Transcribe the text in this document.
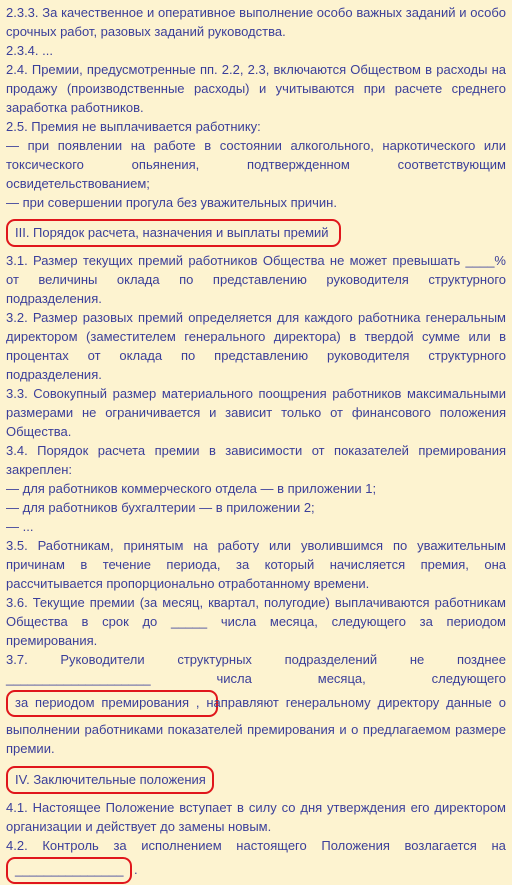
2.3.3. За качественное и оперативное выполнение особо важных заданий и особо срочных работ, разовых заданий руководства.

2.3.4. ...

2.4. Премии, предусмотренные пп. 2.2, 2.3, включаются Обществом в расходы на продажу (производственные расходы) и учитываются при расчете среднего заработка работников.

2.5. Премия не выплачивается работнику:

— при появлении на работе в состоянии алкогольного, наркотического или токсического опьянения, подтвержденном соответствующим освидетельствованием;

— при совершении прогула без уважительных причин.

III. Порядок расчета, назначения и выплаты премий

3.1. Размер текущих премий работников Общества не может превышать ____% от величины оклада по представлению руководителя структурного подразделения.

3.2. Размер разовых премий определяется для каждого работника генеральным директором (заместителем генерального директора) в твердой сумме или в процентах от оклада по представлению руководителя структурного подразделения.

3.3. Совокупный размер материального поощрения работников максимальными размерами не ограничивается и зависит только от финансового положения Общества.

3.4. Порядок расчета премии в зависимости от показателей премирования закреплен:

— для работников коммерческого отдела — в приложении 1;

— для работников бухгалтерии — в приложении 2;

— ...

3.5. Работникам, принятым на работу или уволившимся по уважительным причинам в течение периода, за который начисляется премия, она рассчитывается пропорционально отработанному времени.

3.6. Текущие премии (за месяц, квартал, полугодие) выплачиваются работникам Общества в срок до _____ числа месяца, следующего за периодом премирования.

3.7.	Руководители	структурных	подразделений	не	позднее
____________________	числа	месяца,	следующего
за периодом премирования , направляют генеральному директору данные о

выполнении работниками показателей премирования и о предлагаемом размере премии.

IV. Заключительные положения

4.1. Настоящее Положение вступает в силу со дня утверждения его директором организации и действует до замены новым.

4.2. Контроль за исполнением настоящего Положения возлагается на
_______________ .
